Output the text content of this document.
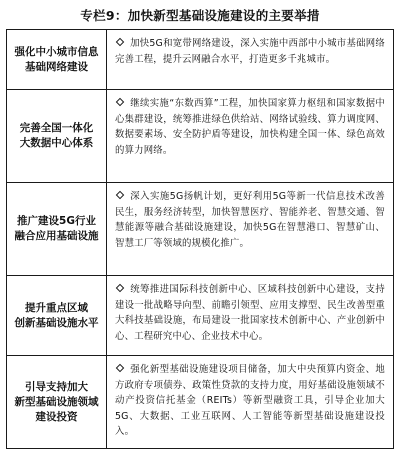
专栏9：加快新型基础设施建设的主要举措
强化中小城市信息
基础网络建设
加快5G和宽带网络建设，深入实施中西部中小城市基础网络完善工程，提升云网融合水平，打造更多千兆城市。
完善全国一体化
大数据中心体系
继续实施“东数西算”工程，加快国家算力枢纽和国家数据中心集群建设，统筹推进绿色供给站、网络试验线、算力调度网、数据要素场、安全防护盾等建设，加快构建全国一体、绿色高效的算力网络。
推广建设5G行业
融合应用基础设施
深入实施5G扬帆计划，更好利用5G等新一代信息技术改善民生，服务经济转型，加快智慧医疗、智能养老、智慧交通、智慧能源等融合基础设施建设，加快5G在智慧港口、智慧矿山、智慧工厂等领域的规模化推广。
提升重点区域
创新基础设施水平
统筹推进国际科技创新中心、区域科技创新中心建设，支持建设一批战略导向型、前瞻引领型、应用支撑型、民生改善型重大科技基础设施，布局建设一批国家技术创新中心、产业创新中心、工程研究中心、企业技术中心。
引导支持加大
新型基础设施领域
建设投资
强化新型基础设施建设项目储备，加大中央预算内资金、地方政府专项债券、政策性贷款的支持力度，用好基础设施领域不动产投资信托基金（REITs）等新型融资工具，引导企业加大5G、大数据、工业互联网、人工智能等新型基础设施建设投入。
